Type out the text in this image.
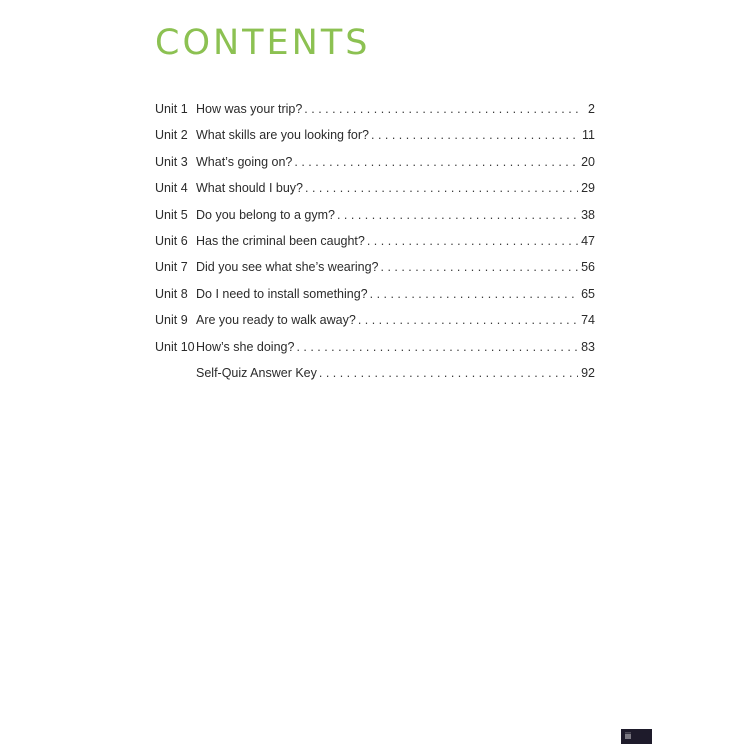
CONTENTS
Unit 1 How was your trip? . . .	2
Unit 2 What skills are you looking for? . . .	11
Unit 3 What’s going on? . . .	20
Unit 4 What should I buy? . . .	29
Unit 5 Do you belong to a gym? . . .	38
Unit 6 Has the criminal been caught? . . .	47
Unit 7 Did you see what she’s wearing? . . .	56
Unit 8 Do I need to install something? . . .	65
Unit 9 Are you ready to walk away? . . .	74
Unit 10 How’s she doing? . . .	83
Self-Quiz Answer Key . . .	92
iii
